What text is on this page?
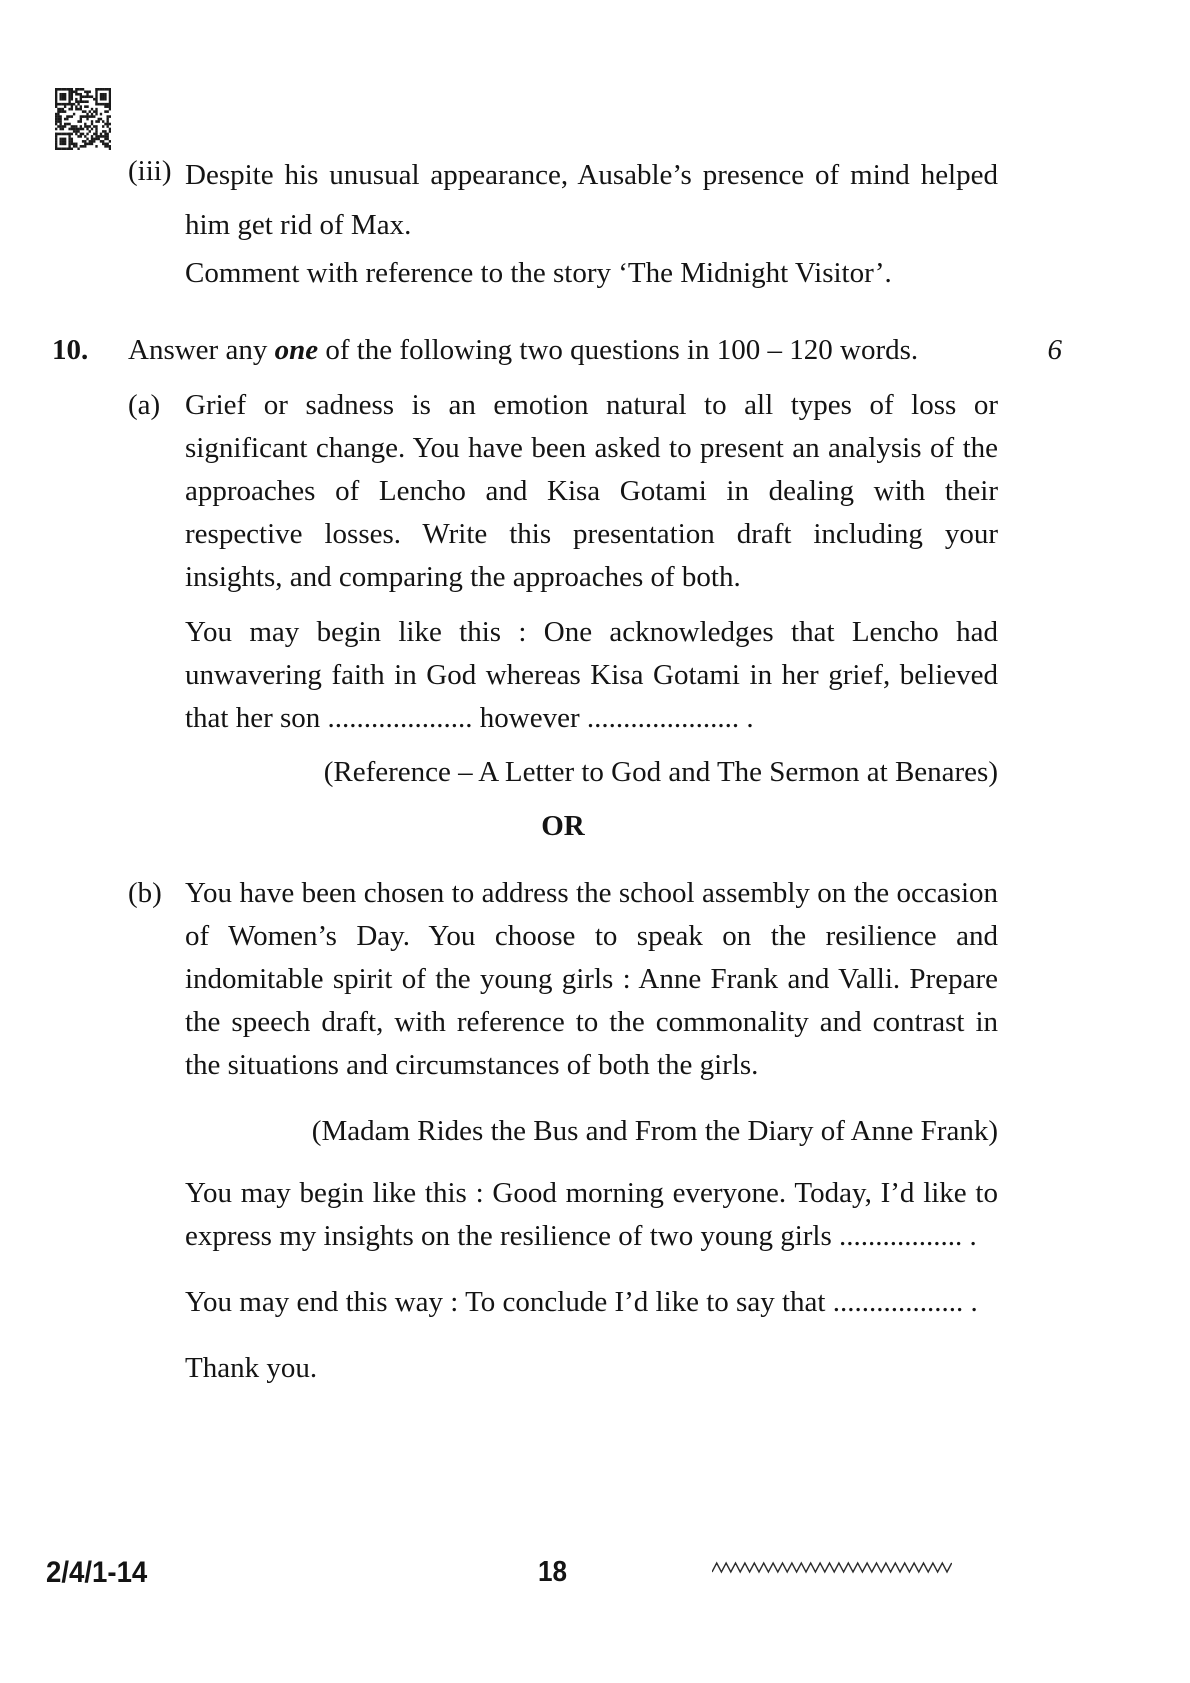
(iii) Despite his unusual appearance, Ausable’s presence of mind helped him get rid of Max.

Comment with reference to the story ‘The Midnight Visitor’.

10.	Answer any one of the following two questions in 100 – 120 words.	6
(a) Grief or sadness is an emotion natural to all types of loss or significant change. You have been asked to present an analysis of the approaches of Lencho and Kisa Gotami in dealing with their respective losses. Write this presentation draft including your insights, and comparing the approaches of both.

You may begin like this : One acknowledges that Lencho had unwavering faith in God whereas Kisa Gotami in her grief, believed that her son .................... however ..................... .

(Reference – A Letter to God and The Sermon at Benares)

OR
(b) You have been chosen to address the school assembly on the occasion of Women’s Day. You choose to speak on the resilience and indomitable spirit of the young girls : Anne Frank and Valli. Prepare the speech draft, with reference to the commonality and contrast in the situations and circumstances of both the girls.

(Madam Rides the Bus and From the Diary of Anne Frank)

You may begin like this : Good morning everyone. Today, I’d like to express my insights on the resilience of two young girls ................. .

You may end this way : To conclude I’d like to say that .................. .

Thank you.

2/4/1-14	18
